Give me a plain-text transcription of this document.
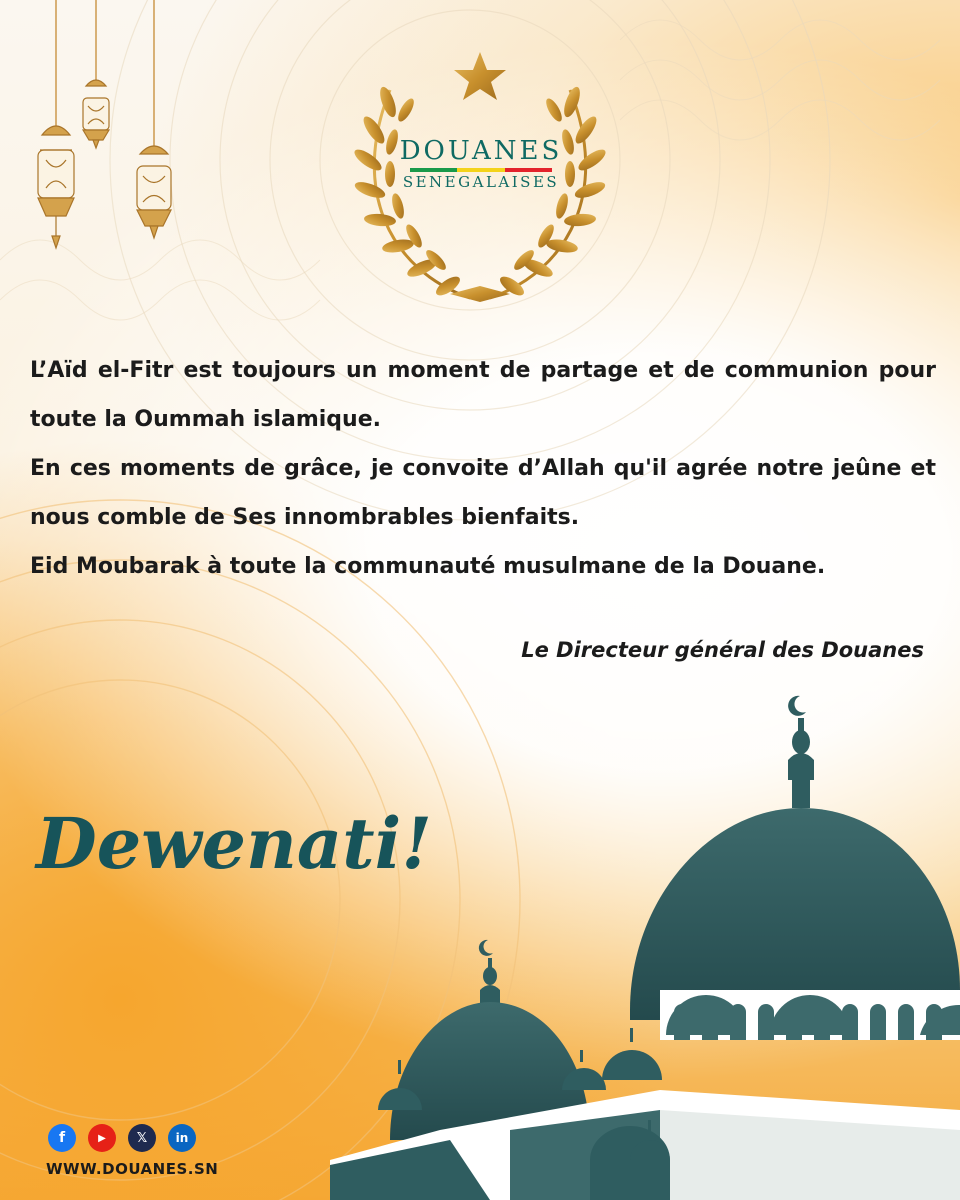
DOUANES
SENEGALAISES

L’Aïd el-Fitr est toujours un moment de partage et de communion pour toute la Oummah islamique.

En ces moments de grâce, je convoite d’Allah qu'il agrée notre jeûne et nous comble de Ses innombrables bienfaits.

Eid Moubarak à toute la communauté musulmane de la Douane.

Le Directeur général des Douanes
Dewenati!
f	▶	𝕏	in
WWW.DOUANES.SN
